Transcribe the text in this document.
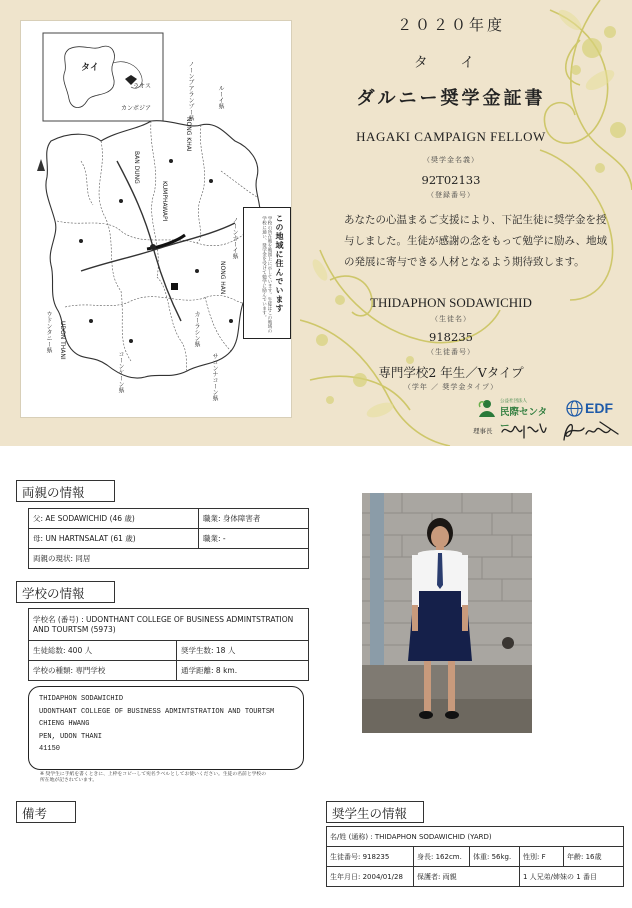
タイ
ラオス
カンボジア	ノーンブアランプー県
ウドンタニー県 UDON THANI
ルーイ県
サコンナコーン県
ノーンカーイ県
カーラシン県
コーンケーン県
NONG KHAI
BAN DUNG
KUMPHAWAPI
NONG HAN	この地域に住んでいます
学校の所在地を地図上に示しています。生徒はこの地域の学校に通い、奨学金を受けて勉学に励んでいます。
２０２０年度
タ イ
ダルニー奨学金証書
HAGAKI CAMPAIGN FELLOW
（奨学金名義）
92T02133
（登録番号）
あなたの心温まるご支援により、下記生徒に奨学金を授与しました。生徒が感謝の念をもって勉学に励み、地域の発展に寄与できる人材となるよう期待致します。
THIDAPHON SODAWICHID
（生徒名）
918235
（生徒番号）
専門学校2 年生／Vタイプ
（学年 ／ 奨学金タイプ）
公益社団法人
民際センター
EDF
理事長
両親の情報
父: AE SODAWICHID (46 歳)	職業: 身体障害者
母: UN HARTNSALAT (61 歳)	職業: -
両親の現状: 同居	
学校の情報
学校名 (番号) : UDONTHANT COLLEGE OF BUSINESS ADMINTSTRATION AND TOURTSM (5973)	
生徒総数: 400 人	奨学生数: 18 人
学校の種類: 専門学校	通学距離: 8 km.
THIDAPHON SODAWICHID
UDONTHANT COLLEGE OF BUSINESS ADMINTSTRATION AND TOURTSM
CHIENG HWANG
PEN, UDON THANI
41150
※ 奨学生に手紙を書くときに、上枠をコピーして宛名ラベルとしてお使いください。生徒の名前と学校の所在地が記されています。
備考	奨学生の情報
名/姓 (通称) : THIDAPHON SODAWICHID (YARD)				
生徒番号: 918235	身長: 162cm.	体重: 56kg.	性別: F	年齢: 16歳
生年月日: 2004/01/28	保護者: 両親		1 人兄弟/姉妹の 1 番目	
